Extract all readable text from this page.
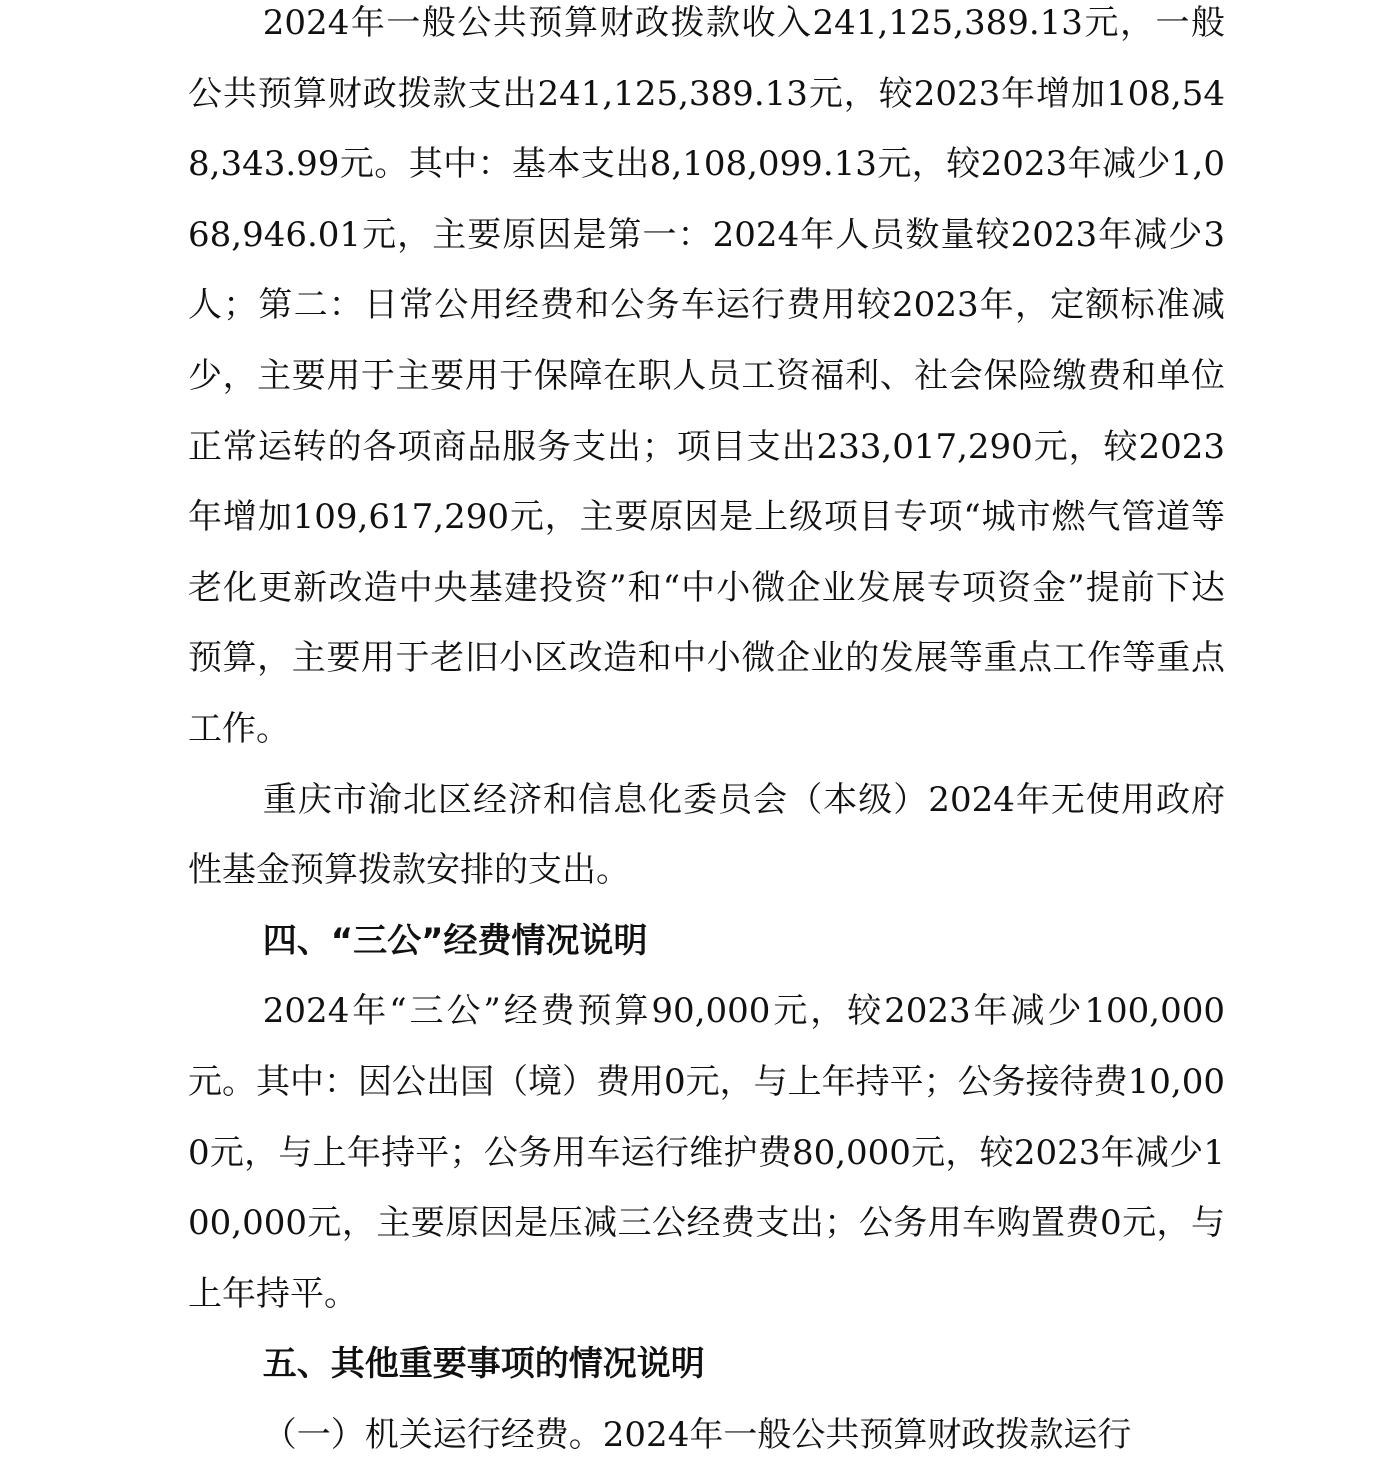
2024年一般公共预算财政拨款收入241,125,389.13元，一般公共预算财政拨款支出241,125,389.13元，较2023年增加108,548,343.99元。其中：基本支出8,108,099.13元，较2023年减少1,068,946.01元，主要原因是第一：2024年人员数量较2023年减少3人；第二：日常公用经费和公务车运行费用较2023年，定额标准减少，主要用于主要用于保障在职人员工资福利、社会保险缴费和单位正常运转的各项商品服务支出；项目支出233,017,290元，较2023年增加109,617,290元，主要原因是上级项目专项“城市燃气管道等老化更新改造中央基建投资”和“中小微企业发展专项资金”提前下达预算，主要用于老旧小区改造和中小微企业的发展等重点工作等重点工作。

重庆市渝北区经济和信息化委员会（本级）2024年无使用政府性基金预算拨款安排的支出。

四、“三公”经费情况说明

2024年“三公”经费预算90,000元，较2023年减少100,000元。其中：因公出国（境）费用0元，与上年持平；公务接待费10,000元，与上年持平；公务用车运行维护费80,000元，较2023年减少100,000元，主要原因是压减三公经费支出；公务用车购置费0元，与上年持平。

五、其他重要事项的情况说明

（一）机关运行经费。2024年一般公共预算财政拨款运行
